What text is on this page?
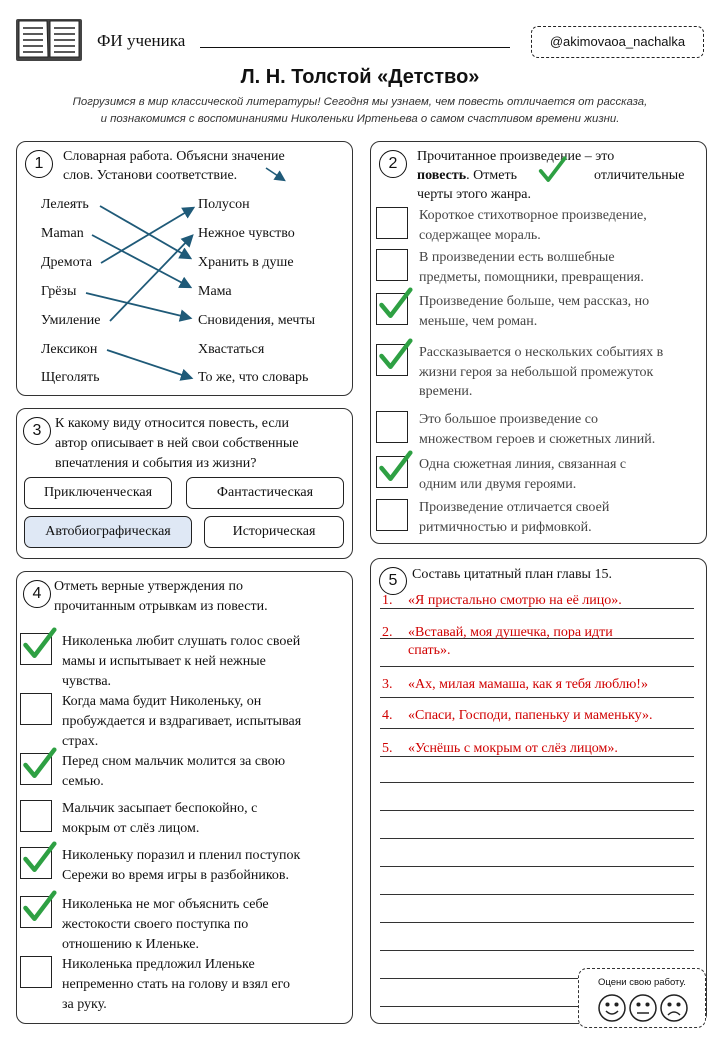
ФИ ученика	@akimovaoa_nachalka
Л. Н. Толстой «Детство»
Погрузимся в мир классической литературы! Сегодня мы узнаем, чем повесть отличается от рассказа,
и познакомимся с воспоминаниями Николеньки Иртеньева о самом счастливом времени жизни.
1	Словарная работа. Объясни значение
слов. Установи соответствие.
Лелеять
Maman
Дремота
Грёзы
Умиление
Лексикон
Щеголять
Полусон
Нежное чувство
Хранить в душе
Мама
Сновидения, мечты
Хвастаться
То же, что словарь
3 К какому виду относится повесть, если
автор описывает в ней свои собственные
впечатления и события из жизни?
Приключенческая	Фантастическая
Автобиографическая	Историческая
4 Отметь верные утверждения по
прочитанным отрывкам из повести.
Николенька любит слушать голос своей
мамы и испытывает к ней нежные
чувства.
Когда мама будит Николеньку, он
пробуждается и вздрагивает, испытывая
страх.
Перед сном мальчик молится за свою
семью.
Мальчик засыпает беспокойно, с
мокрым от слёз лицом.
Николеньку поразил и пленил поступок
Сережи во время игры в разбойников.
Николенька не мог объяснить себе
жестокости своего поступка по
отношению к Иленьке.
Николенька предложил Иленьке
непременно стать на голову и взял его
за руку.
2	Прочитанное произведение – это
повесть. Отметь	отличительные
черты этого жанра.
Короткое стихотворное произведение,
содержащее мораль.
В произведении есть волшебные
предметы, помощники, превращения.
Произведение больше, чем рассказ, но
меньше, чем роман.
Рассказывается о нескольких событиях в
жизни героя за небольшой промежуток
времени.
Это большое произведение со
множеством героев и сюжетных линий.
Одна сюжетная линия, связанная с
одним или двумя героями.
Произведение отличается своей
ритмичностью и рифмовкой.
5	Составь цитатный план главы 15.
1. «Я пристально смотрю на её лицо».
2. «Вставай, моя душечка, пора идти
спать».
3. «Ах, милая мамаша, как я тебя люблю!»
4. «Спаси, Господи, папеньку и маменьку».
5. «Уснёшь с мокрым от слёз лицом».
Оцени свою работу.
